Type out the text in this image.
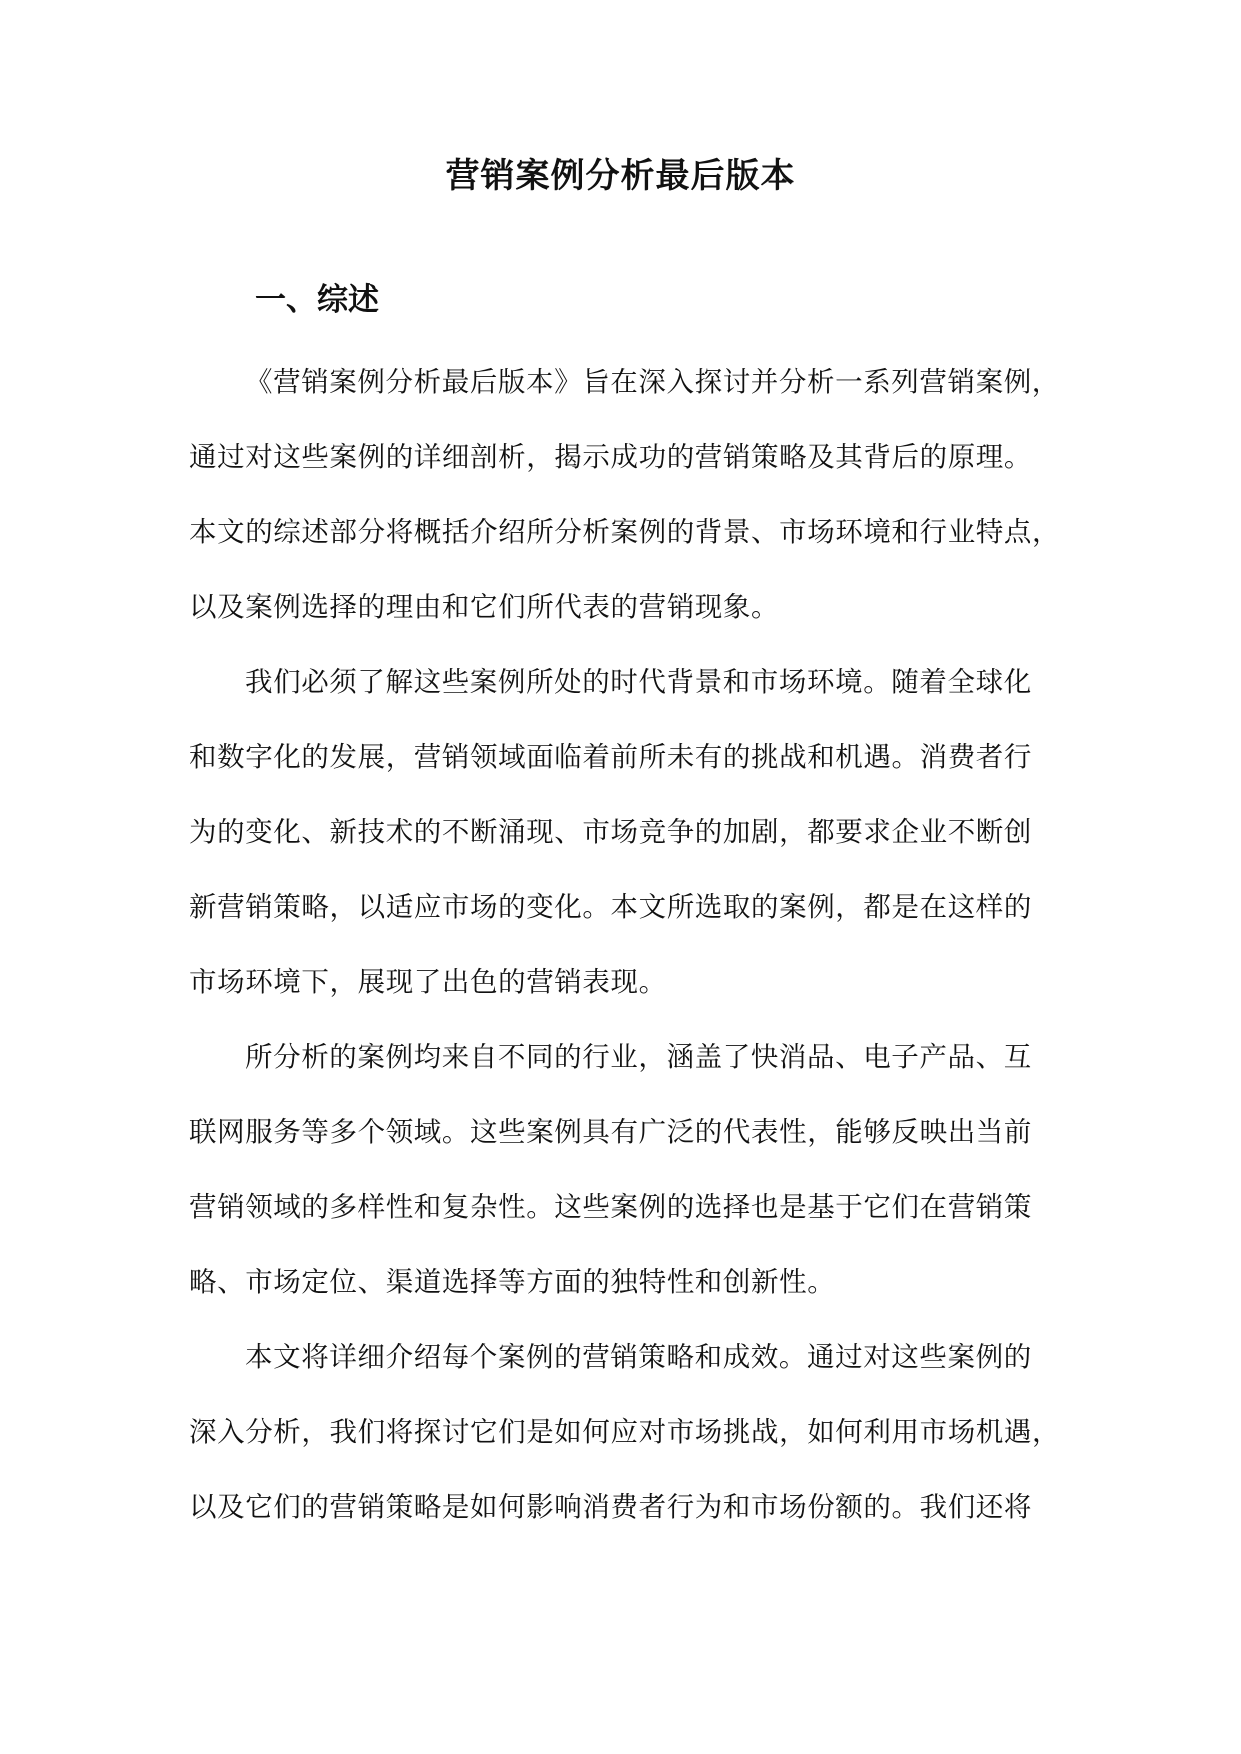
营销案例分析最后版本
一、综述
《营销案例分析最后版本》旨在深入探讨并分析一系列营销案例，
通过对这些案例的详细剖析，揭示成功的营销策略及其背后的原理。
本文的综述部分将概括介绍所分析案例的背景、市场环境和行业特点，
以及案例选择的理由和它们所代表的营销现象。
我们必须了解这些案例所处的时代背景和市场环境。随着全球化
和数字化的发展，营销领域面临着前所未有的挑战和机遇。消费者行
为的变化、新技术的不断涌现、市场竞争的加剧，都要求企业不断创
新营销策略，以适应市场的变化。本文所选取的案例，都是在这样的
市场环境下，展现了出色的营销表现。
所分析的案例均来自不同的行业，涵盖了快消品、电子产品、互
联网服务等多个领域。这些案例具有广泛的代表性，能够反映出当前
营销领域的多样性和复杂性。这些案例的选择也是基于它们在营销策
略、市场定位、渠道选择等方面的独特性和创新性。
本文将详细介绍每个案例的营销策略和成效。通过对这些案例的
深入分析，我们将探讨它们是如何应对市场挑战，如何利用市场机遇，
以及它们的营销策略是如何影响消费者行为和市场份额的。我们还将
